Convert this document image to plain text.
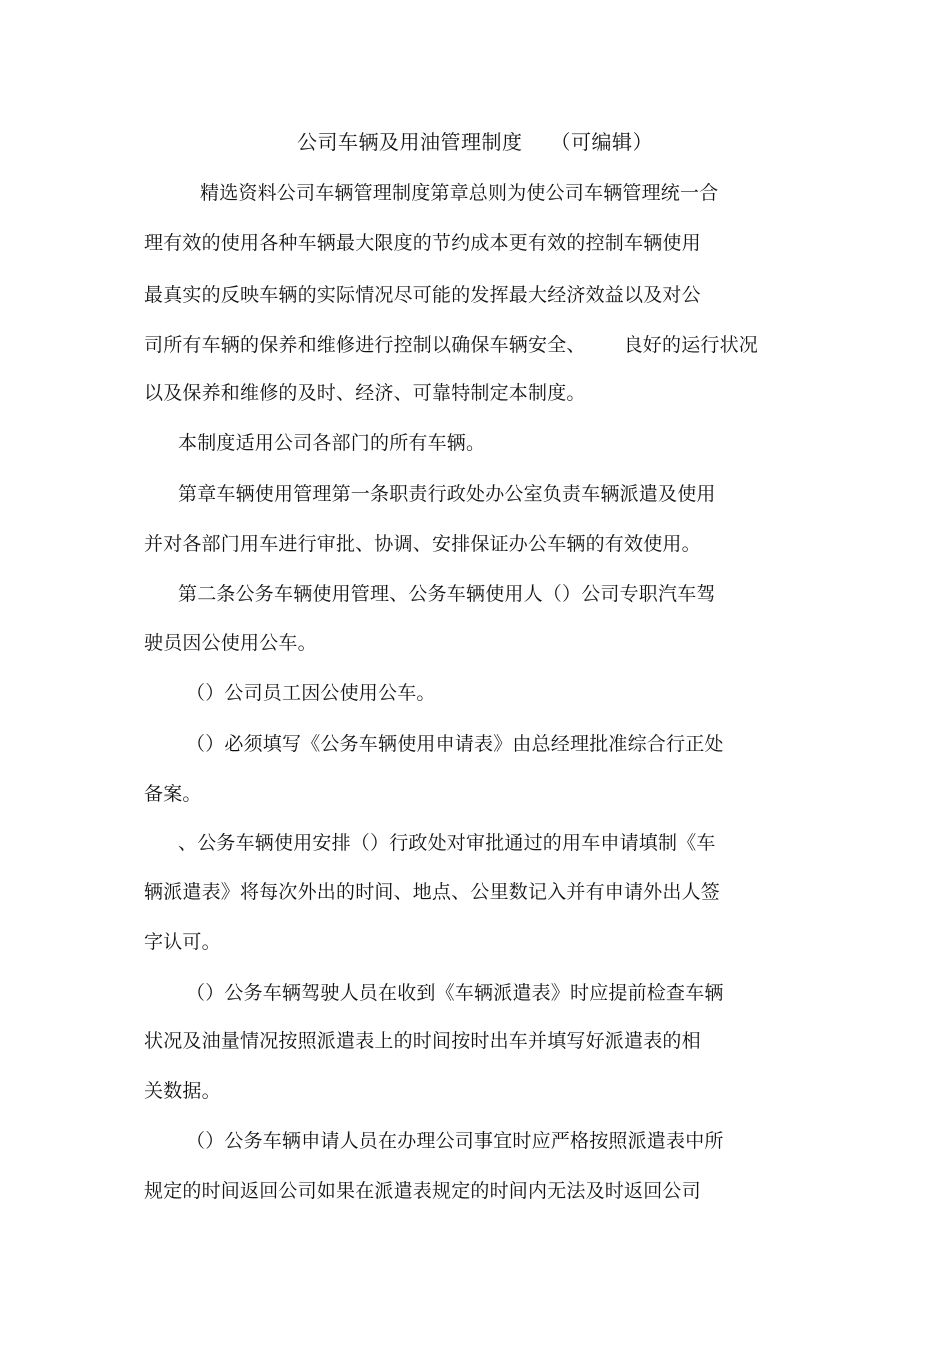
公司车辆及用油管理制度 （可编辑）
精选资料公司车辆管理制度第章总则为使公司车辆管理统一合
理有效的使用各种车辆最大限度的节约成本更有效的控制车辆使用
最真实的反映车辆的实际情况尽可能的发挥最大经济效益以及对公
司所有车辆的保养和维修进行控制以确保车辆安全、 良好的运行状况
以及保养和维修的及时、经济、可靠特制定本制度。
本制度适用公司各部门的所有车辆。
第章车辆使用管理第一条职责行政处办公室负责车辆派遣及使用
并对各部门用车进行审批、协调、安排保证办公车辆的有效使用。
第二条公务车辆使用管理、公务车辆使用人（）公司专职汽车驾
驶员因公使用公车。
（）公司员工因公使用公车。
（）必须填写《公务车辆使用申请表》由总经理批准综合行正处
备案。
、公务车辆使用安排（）行政处对审批通过的用车申请填制《车
辆派遣表》将每次外出的时间、地点、公里数记入并有申请外出人签
字认可。
（）公务车辆驾驶人员在收到《车辆派遣表》时应提前检查车辆
状况及油量情况按照派遣表上的时间按时出车并填写好派遣表的相
关数据。
（）公务车辆申请人员在办理公司事宜时应严格按照派遣表中所
规定的时间返回公司如果在派遣表规定的时间内无法及时返回公司
